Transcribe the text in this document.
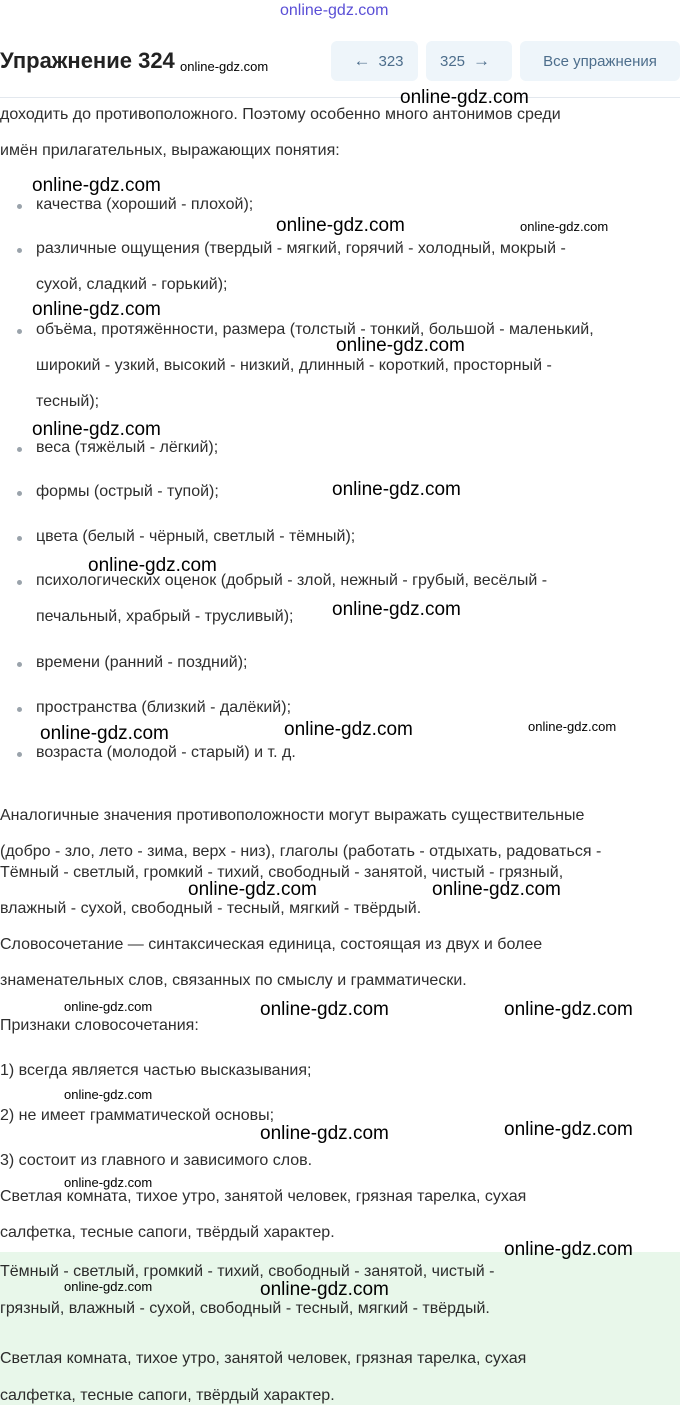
online-gdz.com
Упражнение 324	← 323 325 →	Все упражнения
доходить до противоположного. Поэтому особенно много антонимов среди
имён прилагательных, выражающих понятия:
качества (хороший - плохой);
различные ощущения (твердый - мягкий, горячий - холодный, мокрый -
сухой, сладкий - горький);
объёма, протяжённости, размера (толстый - тонкий, большой - маленький,
широкий - узкий, высокий - низкий, длинный - короткий, просторный -
тесный);
веса (тяжёлый - лёгкий);
формы (острый - тупой);
цвета (белый - чёрный, светлый - тёмный);
психологических оценок (добрый - злой, нежный - грубый, весёлый -
печальный, храбрый - трусливый);
времени (ранний - поздний);
пространства (близкий - далёкий);
возраста (молодой - старый) и т. д.
Аналогичные значения противоположности могут выражать существительные
(добро - зло, лето - зима, верх - низ), глаголы (работать - отдыхать, радоваться -
Тёмный - светлый, громкий - тихий, свободный - занятой, чистый - грязный,
влажный - сухой, свободный - тесный, мягкий - твёрдый.
Словосочетание — синтаксическая единица, состоящая из двух и более
знаменательных слов, связанных по смыслу и грамматически.
Признаки словосочетания:
1) всегда является частью высказывания;
2) не имеет грамматической основы;
3) состоит из главного и зависимого слов.
Светлая комната, тихое утро, занятой человек, грязная тарелка, сухая
салфетка, тесные сапоги, твёрдый характер.
Тёмный - светлый, громкий - тихий, свободный - занятой, чистый -
грязный, влажный - сухой, свободный - тесный, мягкий - твёрдый.
Светлая комната, тихое утро, занятой человек, грязная тарелка, сухая
салфетка, тесные сапоги, твёрдый характер.
online-gdz.com
online-gdz.com
online-gdz.com
online-gdz.com	online-gdz.com
online-gdz.com
online-gdz.com
online-gdz.com
online-gdz.com
online-gdz.com
online-gdz.com
online-gdz.com	online-gdz.com
online-gdz.com
online-gdz.com	online-gdz.com
online-gdz.com	online-gdz.com	online-gdz.com
online-gdz.com
online-gdz.com	online-gdz.com
online-gdz.com
online-gdz.com
online-gdz.com	online-gdz.com
